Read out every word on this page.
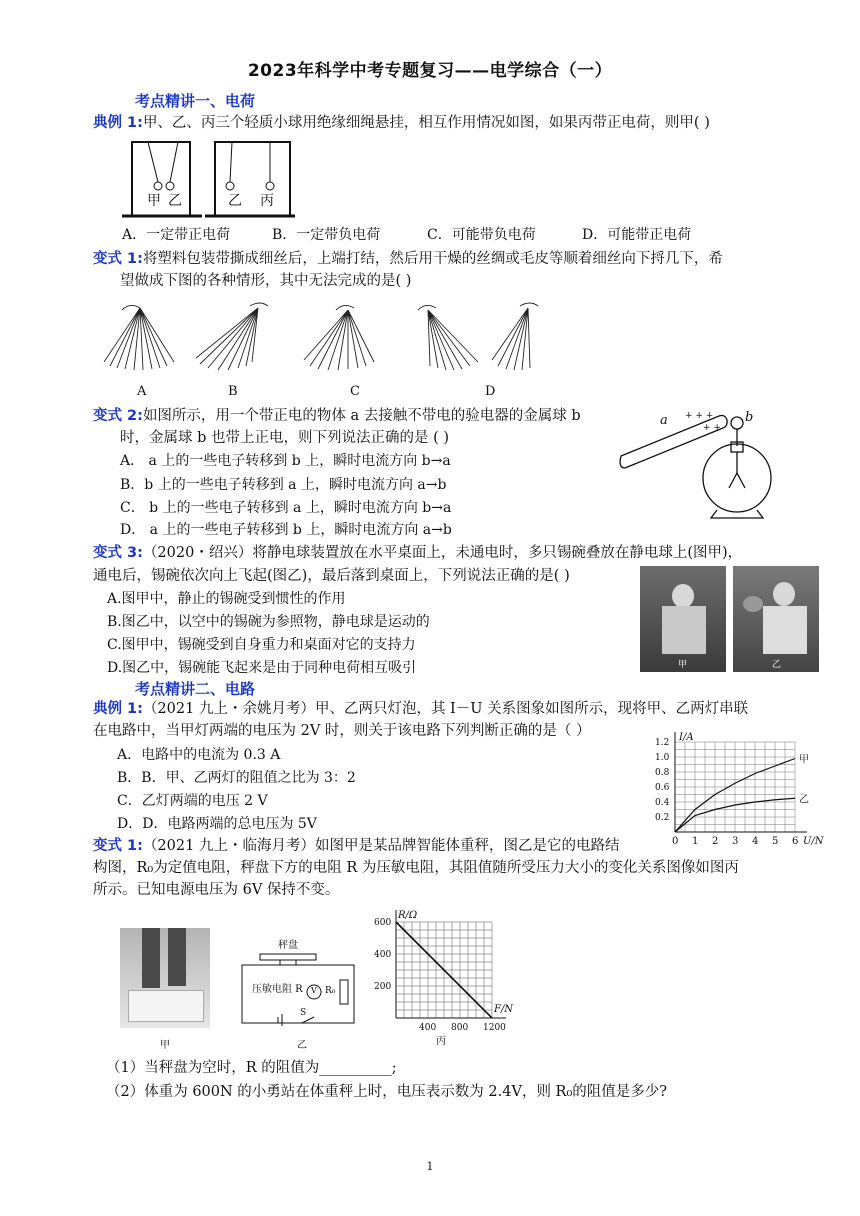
2023年科学中考专题复习——电学综合（一）
考点精讲一、电荷
典例 1:甲、乙、丙三个轻质小球用绝缘细绳悬挂，相互作用情况如图，如果丙带正电荷，则甲( )
甲 乙	乙 丙
A．一定带正电荷	B．一定带负电荷	C．可能带负电荷	D．可能带正电荷
变式 1:将塑料包装带撕成细丝后，上端打结，然后用干燥的丝绸或毛皮等顺着细丝向下捋几下，希
望做成下图的各种情形，其中无法完成的是( )
A	B	C	D
变式 2:如图所示，用一个带正电的物体 a 去接触不带电的验电器的金属球 b
时，金属球 b 也带上正电，则下列说法正确的是 ( )
A． a 上的一些电子转移到 b 上，瞬时电流方向 b→a
B．b 上的一些电子转移到 a 上，瞬时电流方向 a→b
C． b 上的一些电子转移到 a 上，瞬时电流方向 b→a
D． a 上的一些电子转移到 b 上，瞬时电流方向 a→b
+ + +
+ +
a	b
变式 3:（2020・绍兴）将静电球装置放在水平桌面上，未通电时，多只锡碗叠放在静电球上(图甲)，
通电后，锡碗依次向上飞起(图乙)，最后落到桌面上，下列说法正确的是( )
A.图甲中，静止的锡碗受到惯性的作用
B.图乙中，以空中的锡碗为参照物，静电球是运动的
C.图甲中，锡碗受到自身重力和桌面对它的支持力
D.图乙中，锡碗能飞起来是由于同种电荷相互吸引	甲	乙
考点精讲二、电路
典例 1:（2021 九上・余姚月考）甲、乙两只灯泡，其 I－U 关系图象如图所示，现将甲、乙两灯串联
在电路中，当甲灯两端的电压为 2V 时，则关于该电路下列判断正确的是（ ）
A．电路中的电流为 0.3 A
B．B．甲、乙两灯的阻值之比为 3：2
C．乙灯两端的电压 2 V
D．D．电路两端的总电压为 5V
0 1 2 3 4 5 6
0.2
0.4
0.6
0.8
1.0
1.2 I/A
U/N
甲
乙
变式 1:（2021 九上・临海月考）如图甲是某品牌智能体重秤，图乙是它的电路结
构图，R₀为定值电阻，秤盘下方的电阻 R 为压敏电阻，其阻值随所受压力大小的变化关系图像如图丙
所示。已知电源电压为 6V 保持不变。
甲
秤盘
压敏电阻 R V R₀
S
乙
400 800 1200
200
400
600
R/Ω
F/N
丙
（1）当秤盘为空时，R 的阻值为__________;
（2）体重为 600N 的小勇站在体重秤上时，电压表示数为 2.4V，则 R₀的阻值是多少?
1
